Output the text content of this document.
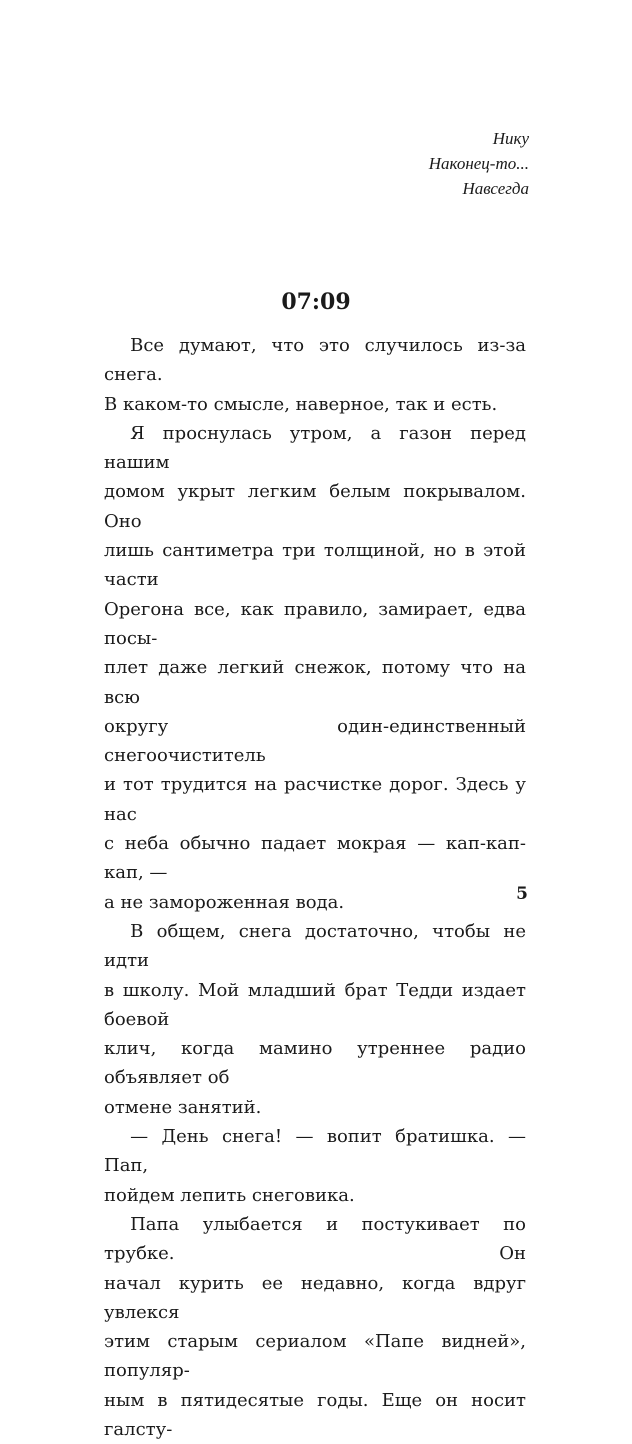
Нику
Наконец-то...
Навсегда
07:09

Все думают, что это случилось из-за снега.
В каком-то смысле, наверное, так и есть.

Я проснулась утром, а газон перед нашим
домом укрыт легким белым покрывалом. Оно
лишь сантиметра три толщиной, но в этой части
Орегона все, как правило, замирает, едва посы-
плет даже легкий снежок, потому что на всю
округу один-единственный снегоочиститель
и тот трудится на расчистке дорог. Здесь у нас
с неба обычно падает мокрая — кап-кап-кап, —
а не замороженная вода.

В общем, снега достаточно, чтобы не идти
в школу. Мой младший брат Тедди издает боевой
клич, когда мамино утреннее радио объявляет об
отмене занятий.

— День снега! — вопит братишка. — Пап,
пойдем лепить снеговика.

Папа улыбается и постукивает по трубке. Он
начал курить ее недавно, когда вдруг увлекся
этим старым сериалом «Папе видней», популяр-
ным в пятидесятые годы. Еще он носит галсту-

5
